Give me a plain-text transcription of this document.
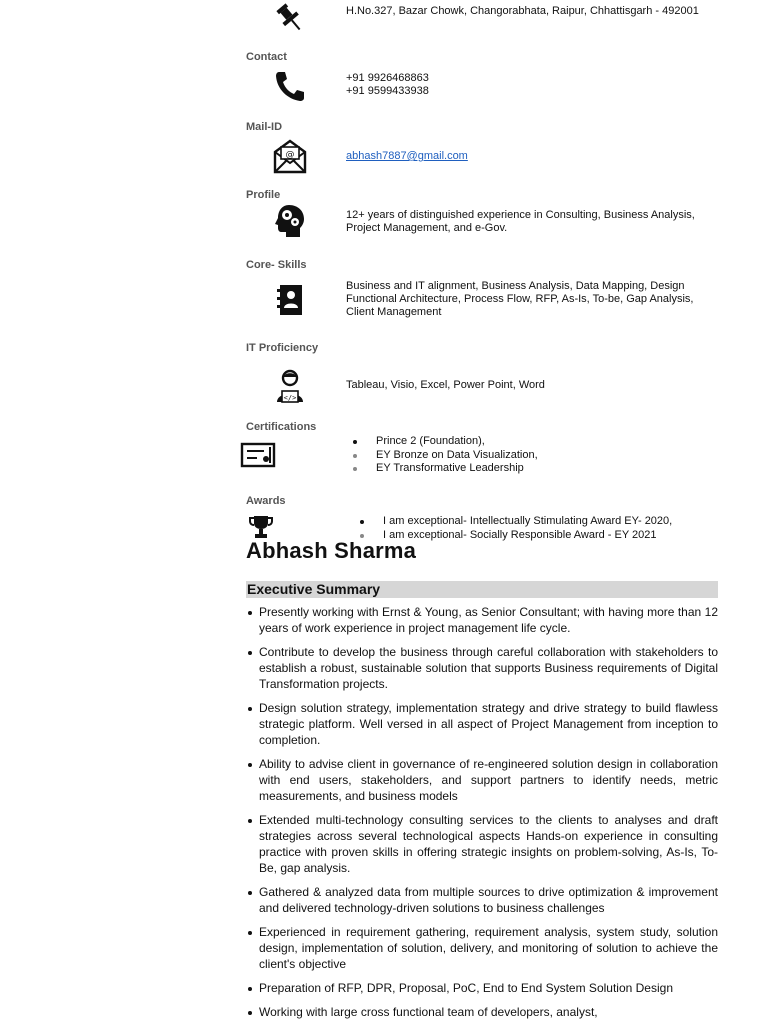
H.No.327, Bazar Chowk, Changorabhata, Raipur, Chhattisgarh - 492001
Contact
+91 9926468863
+91 9599433938
Mail-ID
@	abhash7887@gmail.com
Profile
12+ years of distinguished experience in Consulting, Business Analysis, Project Management, and e-Gov.
Core- Skills
Business and IT alignment, Business Analysis, Data Mapping, Design Functional Architecture, Process Flow, RFP, As-Is, To-be, Gap Analysis, Client Management
IT Proficiency
</>
Tableau, Visio, Excel, Power Point, Word
Certifications
Prince 2 (Foundation),
EY Bronze on Data Visualization,
EY Transformative Leadership
Awards
I am exceptional- Intellectually Stimulating Award EY- 2020,
I am exceptional- Socially Responsible Award - EY 2021
Abhash Sharma
Executive Summary
Presently working with Ernst & Young, as Senior Consultant; with having more than 12 years of work experience in project management life cycle.
Contribute to develop the business through careful collaboration with stakeholders to establish a robust, sustainable solution that supports Business requirements of Digital Transformation projects.
Design solution strategy, implementation strategy and drive strategy to build flawless strategic platform. Well versed in all aspect of Project Management from inception to completion.
Ability to advise client in governance of re-engineered solution design in collaboration with end users, stakeholders, and support partners to identify needs, metric measurements, and business models
Extended multi-technology consulting services to the clients to analyses and draft strategies across several technological aspects Hands-on experience in consulting practice with proven skills in offering strategic insights on problem-solving, As-Is, To-Be, gap analysis.
Gathered & analyzed data from multiple sources to drive optimization & improvement and delivered technology-driven solutions to business challenges
Experienced in requirement gathering, requirement analysis, system study, solution design, implementation of solution, delivery, and monitoring of solution to achieve the client's objective
Preparation of RFP, DPR, Proposal, PoC, End to End System Solution Design
Working with large cross functional team of developers, analyst,
